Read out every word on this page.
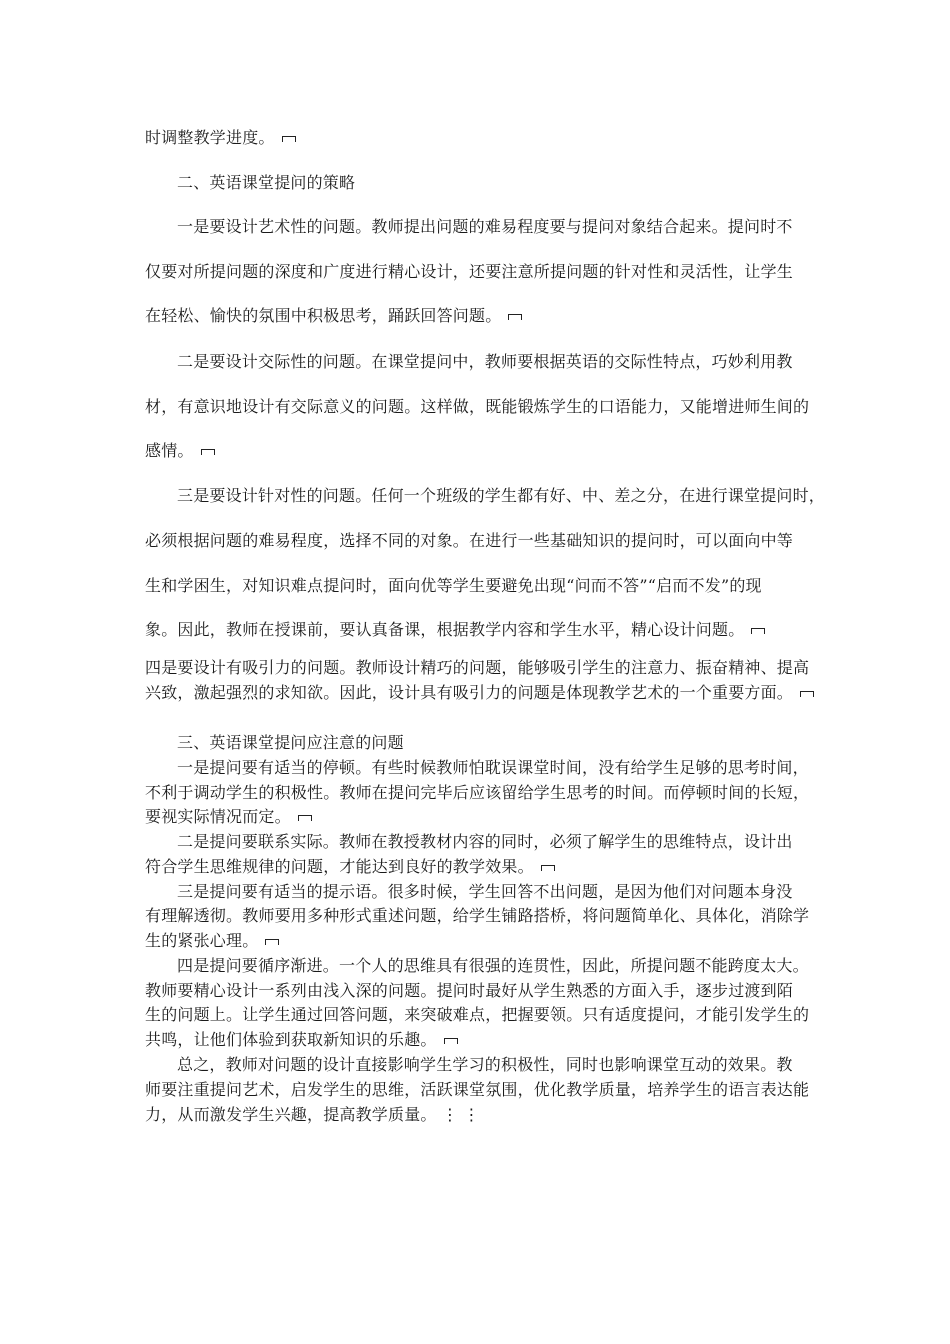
时调整教学进度。
二、英语课堂提问的策略
一是要设计艺术性的问题。教师提出问题的难易程度要与提问对象结合起来。提问时不
仅要对所提问题的深度和广度进行精心设计，还要注意所提问题的针对性和灵活性，让学生
在轻松、愉快的氛围中积极思考，踊跃回答问题。
二是要设计交际性的问题。在课堂提问中，教师要根据英语的交际性特点，巧妙利用教
材，有意识地设计有交际意义的问题。这样做，既能锻炼学生的口语能力，又能增进师生间的
感情。
三是要设计针对性的问题。任何一个班级的学生都有好、中、差之分，在进行课堂提问时，
必须根据问题的难易程度，选择不同的对象。在进行一些基础知识的提问时，可以面向中等
生和学困生，对知识难点提问时，面向优等学生要避免出现“问而不答”“启而不发”的现
象。因此，教师在授课前，要认真备课，根据教学内容和学生水平，精心设计问题。
四是要设计有吸引力的问题。教师设计精巧的问题，能够吸引学生的注意力、振奋精神、提高
兴致，激起强烈的求知欲。因此，设计具有吸引力的问题是体现教学艺术的一个重要方面。
三、英语课堂提问应注意的问题
一是提问要有适当的停顿。有些时候教师怕耽误课堂时间，没有给学生足够的思考时间，
不利于调动学生的积极性。教师在提问完毕后应该留给学生思考的时间。而停顿时间的长短，
要视实际情况而定。
二是提问要联系实际。教师在教授教材内容的同时，必须了解学生的思维特点，设计出
符合学生思维规律的问题，才能达到良好的教学效果。
三是提问要有适当的提示语。很多时候，学生回答不出问题，是因为他们对问题本身没
有理解透彻。教师要用多种形式重述问题，给学生铺路搭桥，将问题简单化、具体化，消除学
生的紧张心理。
四是提问要循序渐进。一个人的思维具有很强的连贯性，因此，所提问题不能跨度太大。
教师要精心设计一系列由浅入深的问题。提问时最好从学生熟悉的方面入手，逐步过渡到陌
生的问题上。让学生通过回答问题，来突破难点，把握要领。只有适度提问，才能引发学生的
共鸣，让他们体验到获取新知识的乐趣。
总之，教师对问题的设计直接影响学生学习的积极性，同时也影响课堂互动的效果。教
师要注重提问艺术，启发学生的思维，活跃课堂氛围，优化教学质量，培养学生的语言表达能
力，从而激发学生兴趣，提高教学质量。 ⋮ ⋮
